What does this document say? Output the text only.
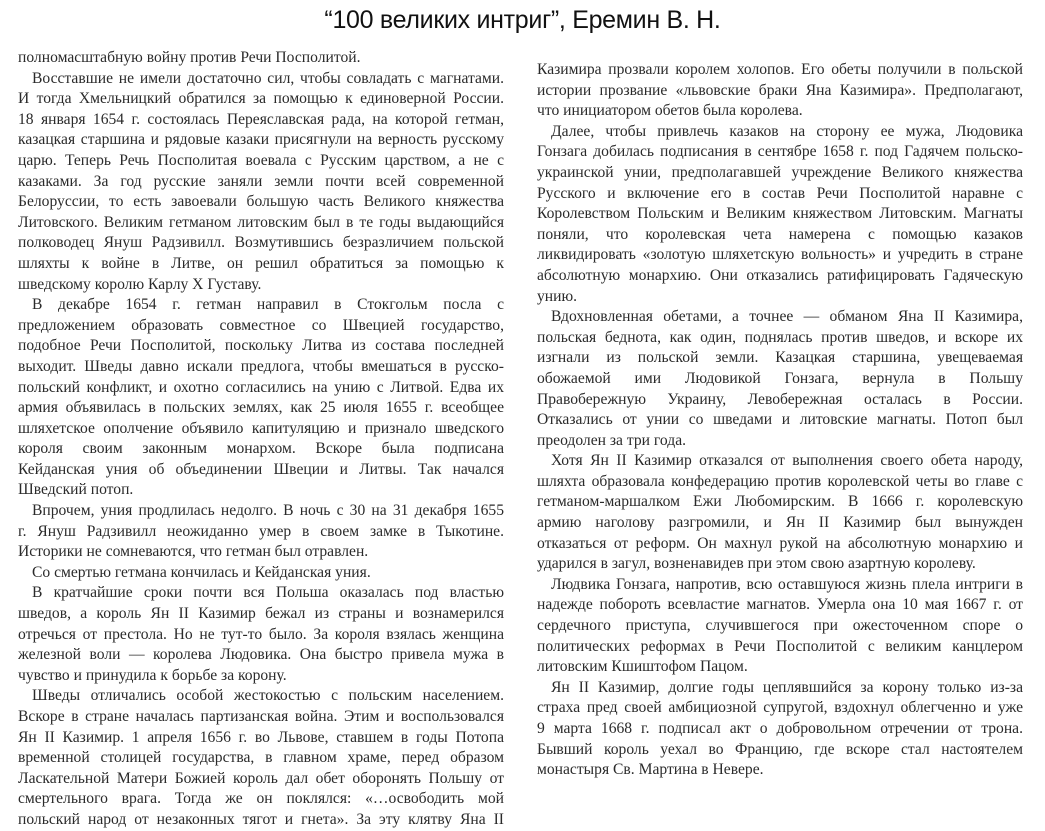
“100 великих интриг”, Еремин В. Н.
полномасштабную войну против Речи Посполитой.
Восставшие не имели достаточно сил, чтобы совладать с магнатами.
И тогда Хмельницкий обратился за помощью к единоверной России.
18 января 1654 г. состоялась Переяславская рада, на которой гетман,
казацкая старшина и рядовые казаки присягнули на верность русскому
царю. Теперь Речь Посполитая воевала с Русским царством, а не с
казаками. За год русские заняли земли почти всей современной
Белоруссии, то есть завоевали большую часть Великого княжества
Литовского. Великим гетманом литовским был в те годы выдающийся
полководец Януш Радзивилл. Возмутившись безразличием польской
шляхты к войне в Литве, он решил обратиться за помощью к
шведскому королю Карлу Х Густаву.
В декабре 1654 г. гетман направил в Стокгольм посла с
предложением образовать совместное со Швецией государство,
подобное Речи Посполитой, поскольку Литва из состава последней
выходит. Шведы давно искали предлога, чтобы вмешаться в русско-
польский конфликт, и охотно согласились на унию с Литвой. Едва их
армия объявилась в польских землях, как 25 июля 1655 г. всеобщее
шляхетское ополчение объявило капитуляцию и признало шведского
короля своим законным монархом. Вскоре была подписана
Кейданская уния об объединении Швеции и Литвы. Так начался
Шведский потоп.
Впрочем, уния продлилась недолго. В ночь с 30 на 31 декабря 1655
г. Януш Радзивилл неожиданно умер в своем замке в Тыкотине.
Историки не сомневаются, что гетман был отравлен.
Со смертью гетмана кончилась и Кейданская уния.
В кратчайшие сроки почти вся Польша оказалась под властью
шведов, а король Ян II Казимир бежал из страны и вознамерился
отречься от престола. Но не тут-то было. За короля взялась женщина
железной воли — королева Людовика. Она быстро привела мужа в
чувство и принудила к борьбе за корону.
Шведы отличались особой жестокостью с польским населением.
Вскоре в стране началась партизанская война. Этим и воспользовался
Ян II Казимир. 1 апреля 1656 г. во Львове, ставшем в годы Потопа
временной столицей государства, в главном храме, перед образом
Ласкательной Матери Божией король дал обет оборонять Польшу от
смертельного врага. Тогда же он поклялся: «…освободить мой
польский народ от незаконных тягот и гнета». За эту клятву Яна II
Казимира прозвали королем холопов. Его обеты получили в польской
истории прозвание «львовские браки Яна Казимира». Предполагают,
что инициатором обетов была королева.
Далее, чтобы привлечь казаков на сторону ее мужа, Людовика
Гонзага добилась подписания в сентябре 1658 г. под Гадячем польско-
украинской унии, предполагавшей учреждение Великого княжества
Русского и включение его в состав Речи Посполитой наравне с
Королевством Польским и Великим княжеством Литовским. Магнаты
поняли, что королевская чета намерена с помощью казаков
ликвидировать «золотую шляхетскую вольность» и учредить в стране
абсолютную монархию. Они отказались ратифицировать Гадяческую
унию.
Вдохновленная обетами, а точнее — обманом Яна II Казимира,
польская беднота, как один, поднялась против шведов, и вскоре их
изгнали из польской земли. Казацкая старшина, увещеваемая
обожаемой ими Людовикой Гонзага, вернула в Польшу
Правобережную Украину, Левобережная осталась в России.
Отказались от унии со шведами и литовские магнаты. Потоп был
преодолен за три года.
Хотя Ян II Казимир отказался от выполнения своего обета народу,
шляхта образовала конфедерацию против королевской четы во главе с
гетманом-маршалком Ежи Любомирским. В 1666 г. королевскую
армию наголову разгромили, и Ян II Казимир был вынужден
отказаться от реформ. Он махнул рукой на абсолютную монархию и
ударился в загул, возненавидев при этом свою азартную королеву.
Людвика Гонзага, напротив, всю оставшуюся жизнь плела интриги в
надежде побороть всевластие магнатов. Умерла она 10 мая 1667 г. от
сердечного приступа, случившегося при ожесточенном споре о
политических реформах в Речи Посполитой с великим канцлером
литовским Кшиштофом Пацом.
Ян II Казимир, долгие годы цеплявшийся за корону только из-за
страха пред своей амбициозной супругой, вздохнул облегченно и уже
9 марта 1668 г. подписал акт о добровольном отречении от трона.
Бывший король уехал во Францию, где вскоре стал настоятелем
монастыря Св. Мартина в Невере.
